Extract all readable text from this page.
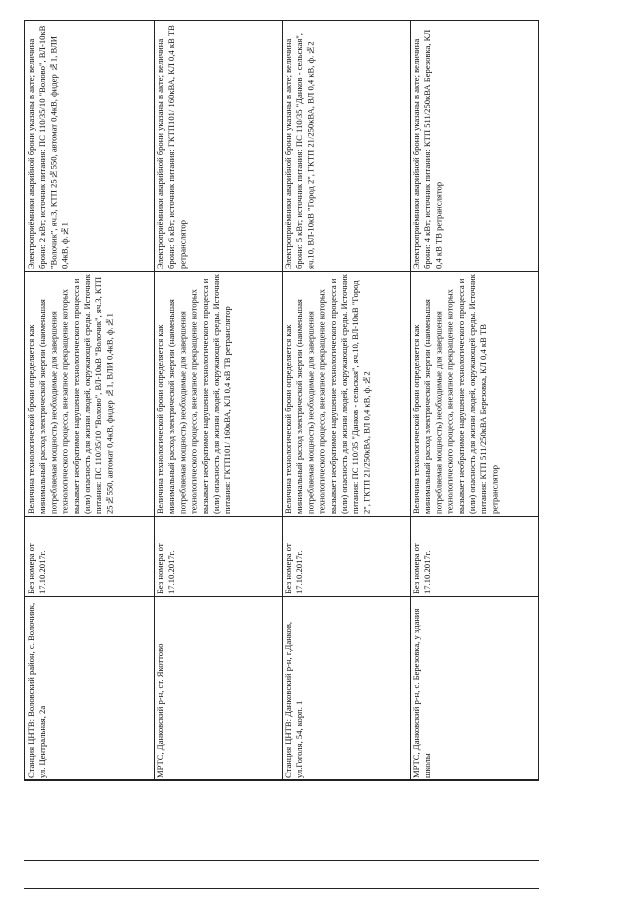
Электроприёмники аварийной брони указаны в акте; величина брони: 2 кВт; источник питания: ПС 110/35/10 "Волово", ВЛ-10кВ "Волочик", яч.3, КТП 25№550, автомат 0,4кВ, фидер №1, ВЛИ 0,4кВ, ф.№1
Величина технологической брони определяется как минимальный расход электрической энергии (наименьшая потребляемая мощность) необходимые для завершения технологического процесса, внезапное прекращение которых вызывает необратимое нарушение технологического процесса и (или) опасность для жизни людей, окружающей среды. Источник питания: ПС 110/35/10 "Волово", ВЛ-10кВ "Волочик", яч.3, КТП 25№550, автомат 0,4кВ, фидер №1, ВЛИ 0,4кВ, ф.№1
Без номера от 17.10.2017г.
Станция ЦНТВ: Воловский район, с. Волочиик, ул. Центральная, 2а
Электроприёмники аварийной брони указаны в акте; величина брони: 6 кВт; источник питания: ГКТП101/ 160кВА, КЛ 0,4 кВ ТВ ретранслятор
Величина технологической брони определяется как минимальный расход электрической энергии (наименьшая потребляемая мощность) необходимые для завершения технологического процесса, внезапное прекращение которых вызывает необратимое нарушение технологического процесса и (или) опасность для жизни людей, окружающей среды. Источник питания: ГКТП101/ 160кВА, КЛ 0,4 кВ ТВ ретранслятор
Без номера от 17.10.2017г.
МРТС, Данковский р-н, ст. Якоттово
Электроприёмники аварийной брони указаны в акте; величина брони: 5 кВт; источник питания: ПС 110/35 "Данков - сельская", яч.10, ВЛ-10кВ "Город 2", ГКТП 21/250кВА, ВЛ 0,4 кВ, ф.№2
Величина технологической брони определяется как минимальный расход электрической энергии (наименьшая потребляемая мощность) необходимые для завершения технологического процесса, внезапное прекращение которых вызывает необратимое нарушение технологического процесса и (или) опасность для жизни людей, окружающей среды. Источник питания: ПС 110/35 "Данков - сельская", яч.10, ВЛ-10кВ "Город 2", ГКТП 21/250кВА, ВЛ 0,4 кВ, ф.№2
Без номера от 17.10.2017г.
Станция ЦНТВ: Данковский р-н, г.Данков, ул.Гоголя, 54, корп. 1
Электроприёмники аварийной брони указаны в акте; величина брони: 4 кВт; источник питания: КТП 511/250кВА Березовка, КЛ 0,4 кВ ТВ ретранслятор
Величина технологической брони определяется как минимальный расход электрической энергии (наименьшая потребляемая мощность) необходимые для завершения технологического процесса, внезапное прекращение которых вызывает необратимое нарушение технологического процесса и (или) опасность для жизни людей, окружающей среды. Источник питания: КТП 511/250кВА Березовка, КЛ 0,4 кВ ТВ ретранслятор
Без номера от 17.10.2017г.
МРТС, Данковский р-н, с. Березовка, у здания школы
